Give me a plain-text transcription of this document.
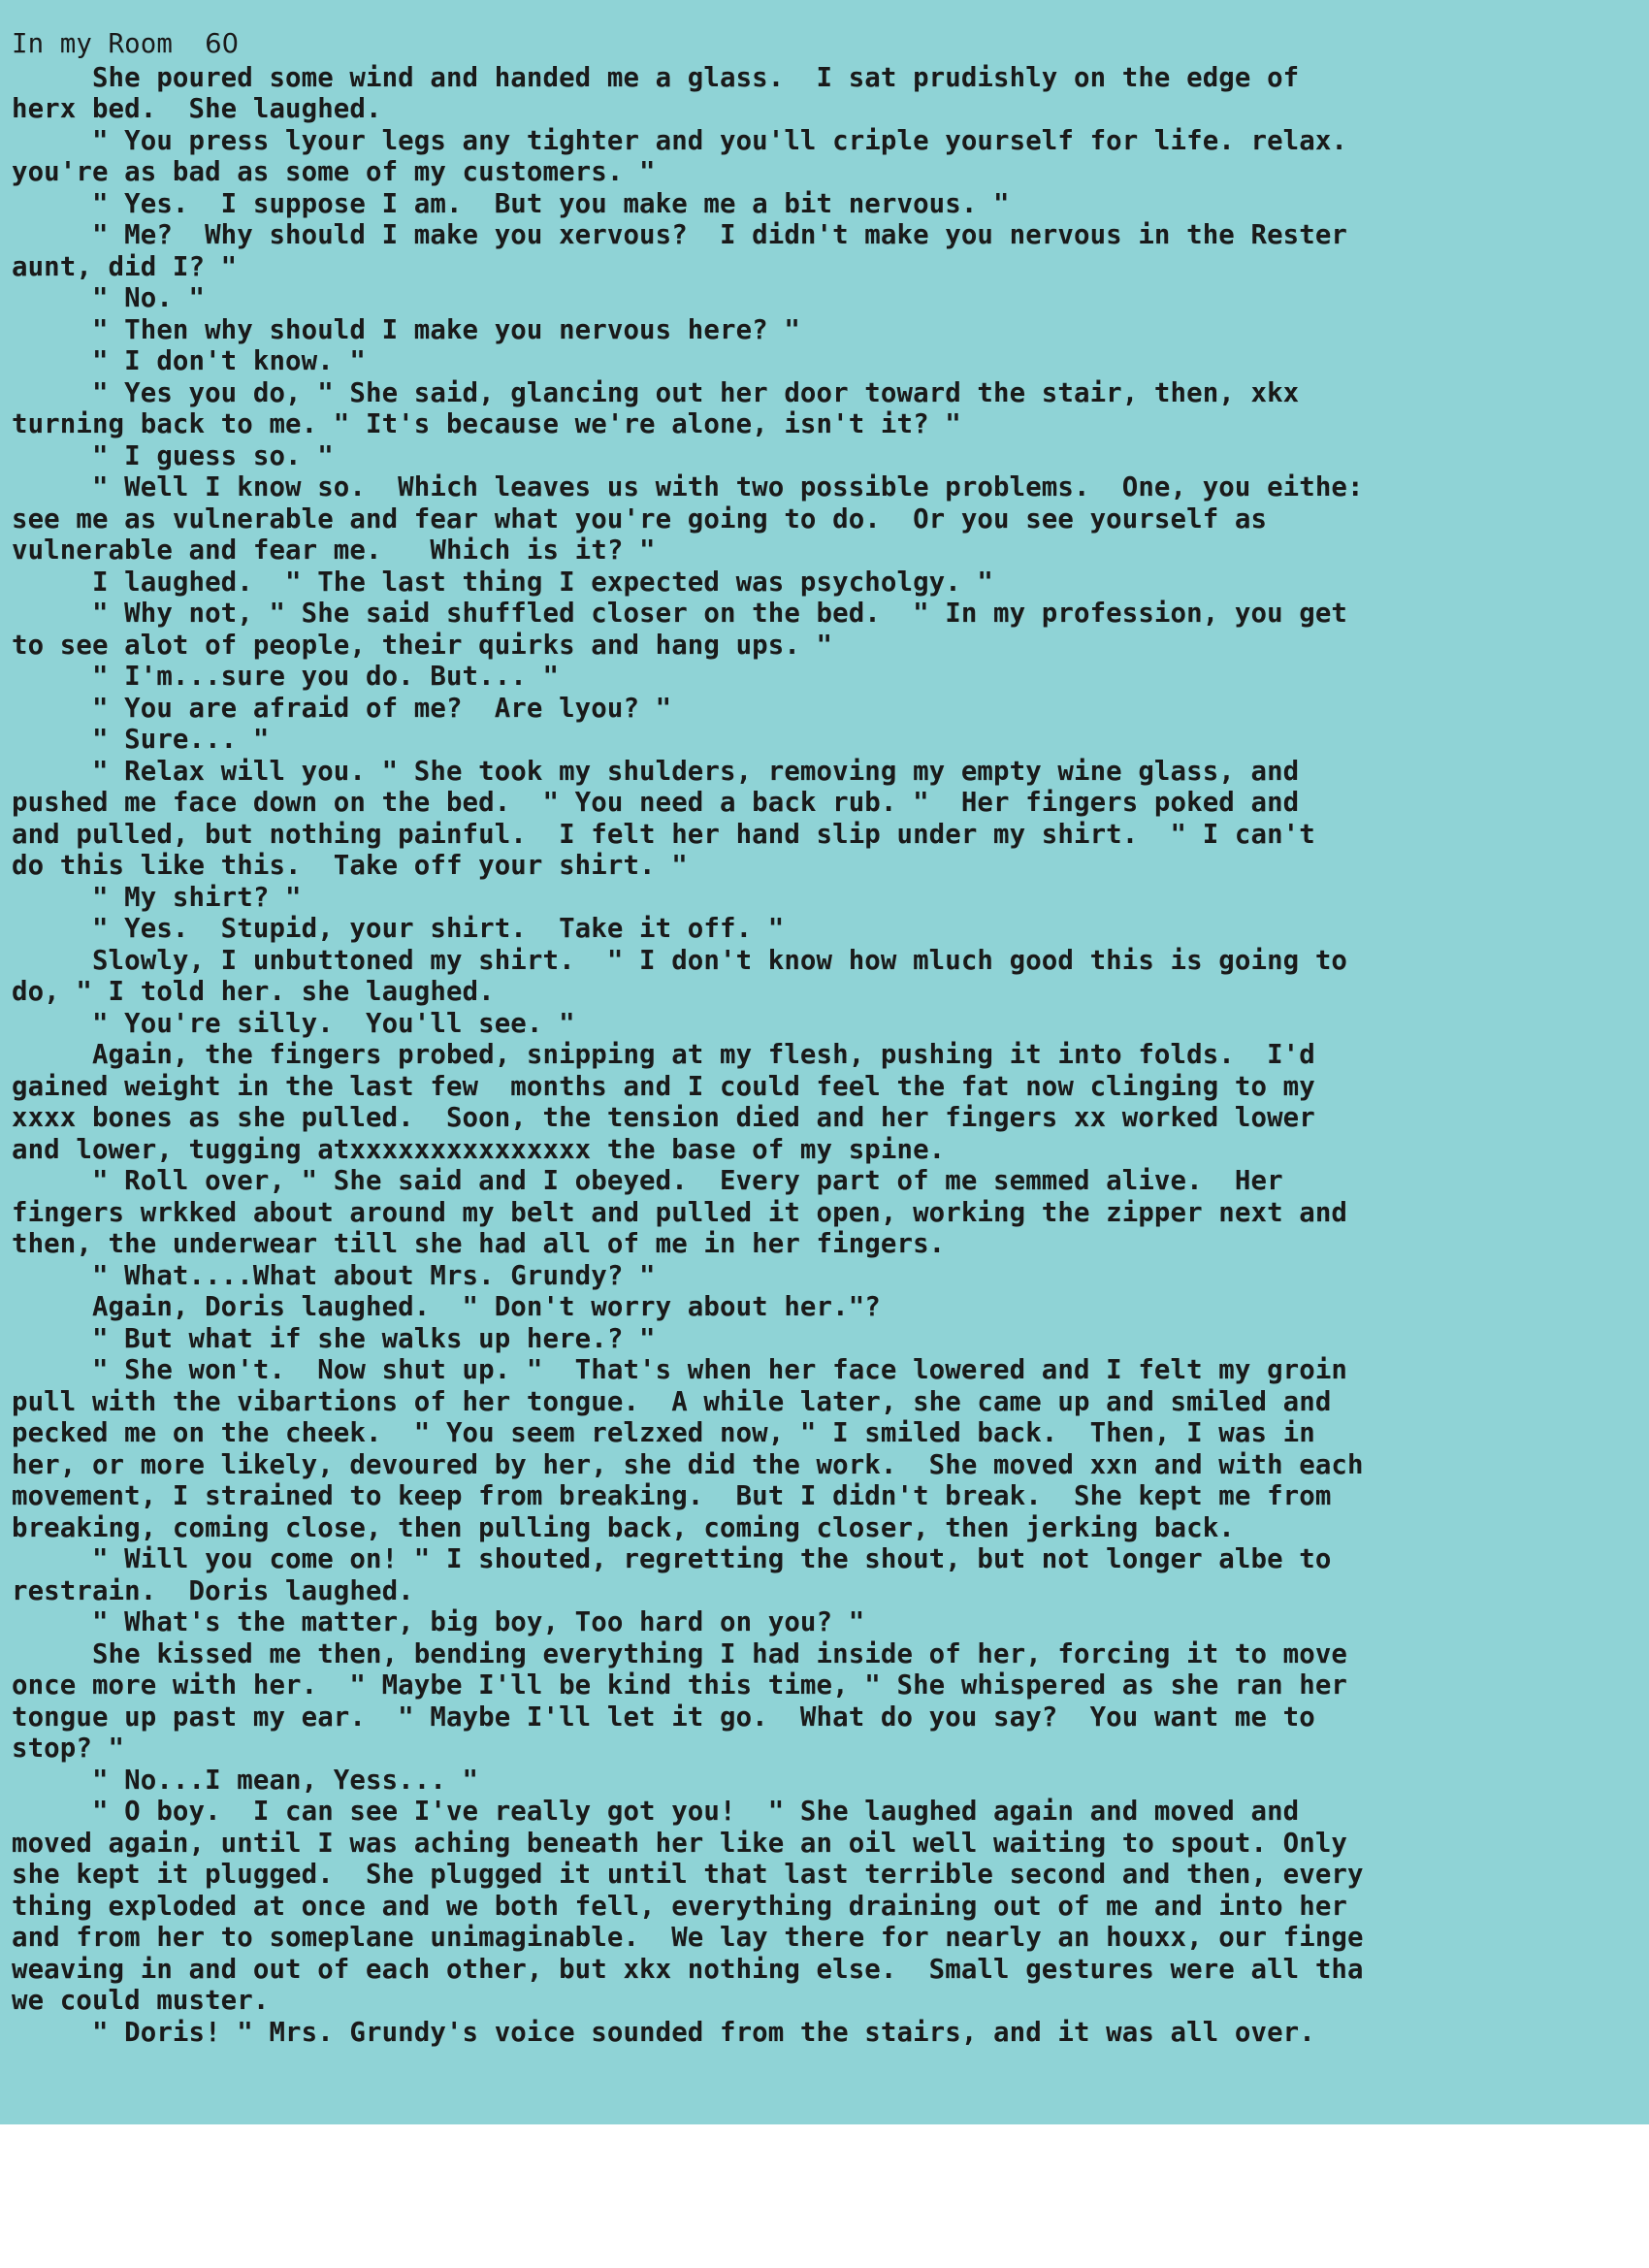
In my Room 60
She poured some wind and handed me a glass.  I sat prudishly on the edge of
herx bed.  She laughed.
" You press lyour legs any tighter and you'll criple yourself for life. relax.
you're as bad as some of my customers. "
" Yes.  I suppose I am.  But you make me a bit nervous. "
" Me?  Why should I make you xervous?  I didn't make you nervous in the Rester
aunt, did I? "
" No. "
" Then why should I make you nervous here? "
" I don't know. "
" Yes you do, " She said, glancing out her door toward the stair, then, xkx
turning back to me. " It's because we're alone, isn't it? "
" I guess so. "
" Well I know so.  Which leaves us with two possible problems.  One, you eithe:
see me as vulnerable and fear what you're going to do.  Or you see yourself as
vulnerable and fear me.   Which is it? "
I laughed.  " The last thing I expected was psycholgy. "
" Why not, " She said shuffled closer on the bed.  " In my profession, you get
to see alot of people, their quirks and hang ups. "
" I'm...sure you do. But... "
" You are afraid of me?  Are lyou? "
" Sure... "
" Relax will you. " She took my shulders, removing my empty wine glass, and
pushed me face down on the bed.  " You need a back rub. "  Her fingers poked and
and pulled, but nothing painful.  I felt her hand slip under my shirt.  " I can't
do this like this.  Take off your shirt. "
" My shirt? "
" Yes.  Stupid, your shirt.  Take it off. "
Slowly, I unbuttoned my shirt.  " I don't know how mluch good this is going to
do, " I told her. she laughed.
" You're silly.  You'll see. "
Again, the fingers probed, snipping at my flesh, pushing it into folds.  I'd
gained weight in the last few  months and I could feel the fat now clinging to my
xxxx bones as she pulled.  Soon, the tension died and her fingers xx worked lower
and lower, tugging atxxxxxxxxxxxxxxx the base of my spine.
" Roll over, " She said and I obeyed.  Every part of me semmed alive.  Her
fingers wrkked about around my belt and pulled it open, working the zipper next and
then, the underwear till she had all of me in her fingers.
" What....What about Mrs. Grundy? "
Again, Doris laughed.  " Don't worry about her."?
" But what if she walks up here.? "
" She won't.  Now shut up. "  That's when her face lowered and I felt my groin
pull with the vibartions of her tongue.  A while later, she came up and smiled and
pecked me on the cheek.  " You seem relzxed now, " I smiled back.  Then, I was in
her, or more likely, devoured by her, she did the work.  She moved xxn and with each
movement, I strained to keep from breaking.  But I didn't break.  She kept me from
breaking, coming close, then pulling back, coming closer, then jerking back.
" Will you come on! " I shouted, regretting the shout, but not longer albe to
restrain.  Doris laughed.
" What's the matter, big boy, Too hard on you? "
She kissed me then, bending everything I had inside of her, forcing it to move
once more with her.  " Maybe I'll be kind this time, " She whispered as she ran her
tongue up past my ear.  " Maybe I'll let it go.  What do you say?  You want me to
stop? "
" No...I mean, Yess... "
" O boy.  I can see I've really got you!  " She laughed again and moved and
moved again, until I was aching beneath her like an oil well waiting to spout. Only
she kept it plugged.  She plugged it until that last terrible second and then, every
thing exploded at once and we both fell, everything draining out of me and into her
and from her to someplane unimaginable.  We lay there for nearly an houxx, our finge
weaving in and out of each other, but xkx nothing else.  Small gestures were all tha
we could muster.
" Doris! " Mrs. Grundy's voice sounded from the stairs, and it was all over.
